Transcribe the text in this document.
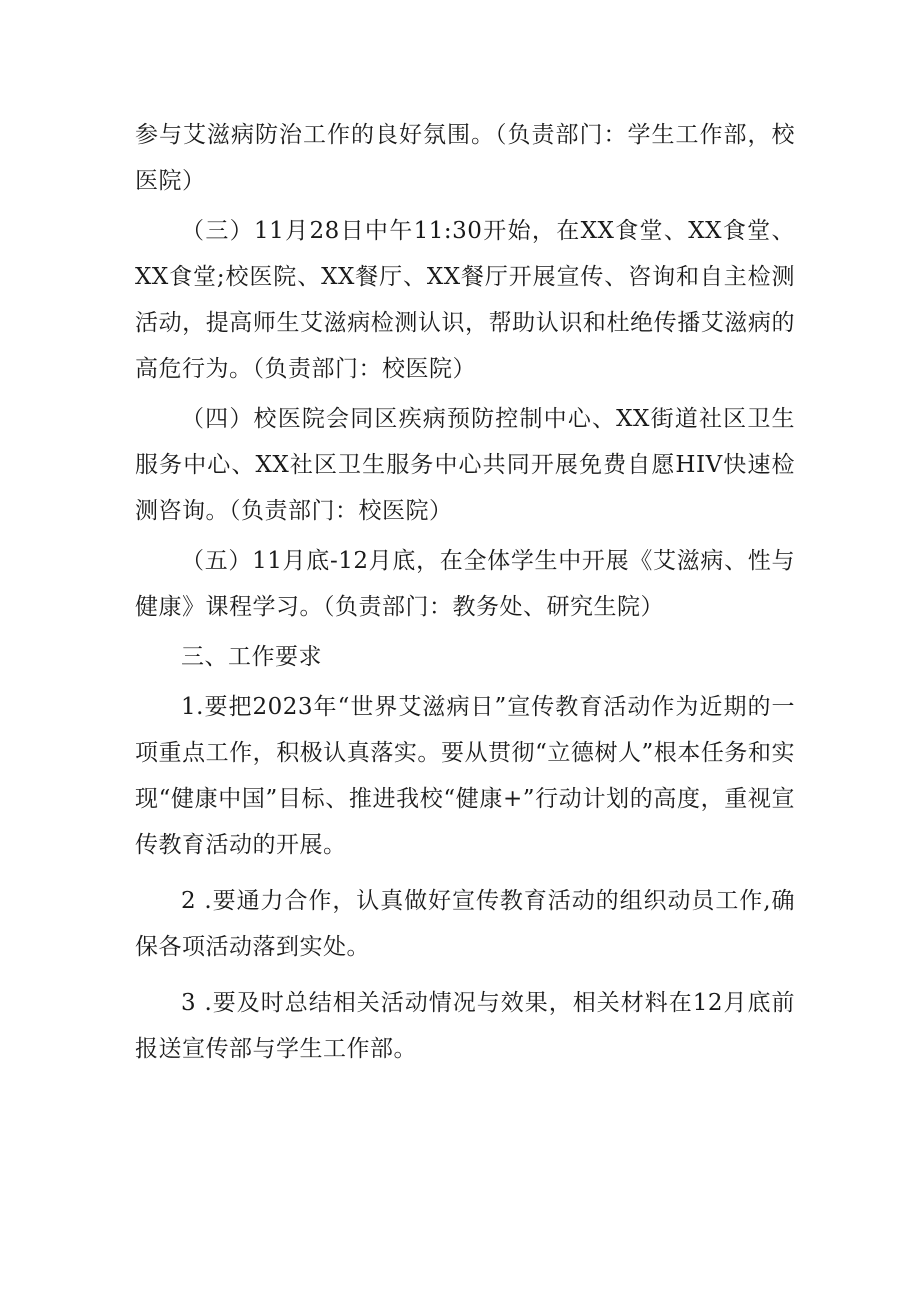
参与艾滋病防治工作的良好氛围。（负责部门：学生工作部，校医院）

（三）11月28日中午11:30开始，在XX食堂、XX食堂、XX食堂;校医院、XX餐厅、XX餐厅开展宣传、咨询和自主检测活动，提高师生艾滋病检测认识，帮助认识和杜绝传播艾滋病的高危行为。（负责部门：校医院）

（四）校医院会同区疾病预防控制中心、XX街道社区卫生服务中心、XX社区卫生服务中心共同开展免费自愿HIV快速检测咨询。（负责部门：校医院）

（五）11月底-12月底，在全体学生中开展《艾滋病、性与健康》课程学习。（负责部门：教务处、研究生院）

三、工作要求

1.要把2023年“世界艾滋病日”宣传教育活动作为近期的一项重点工作，积极认真落实。要从贯彻“立德树人”根本任务和实现“健康中国”目标、推进我校“健康+”行动计划的高度，重视宣传教育活动的开展。

2 .要通力合作，认真做好宣传教育活动的组织动员工作,确保各项活动落到实处。

3 .要及时总结相关活动情况与效果，相关材料在12月底前报送宣传部与学生工作部。
